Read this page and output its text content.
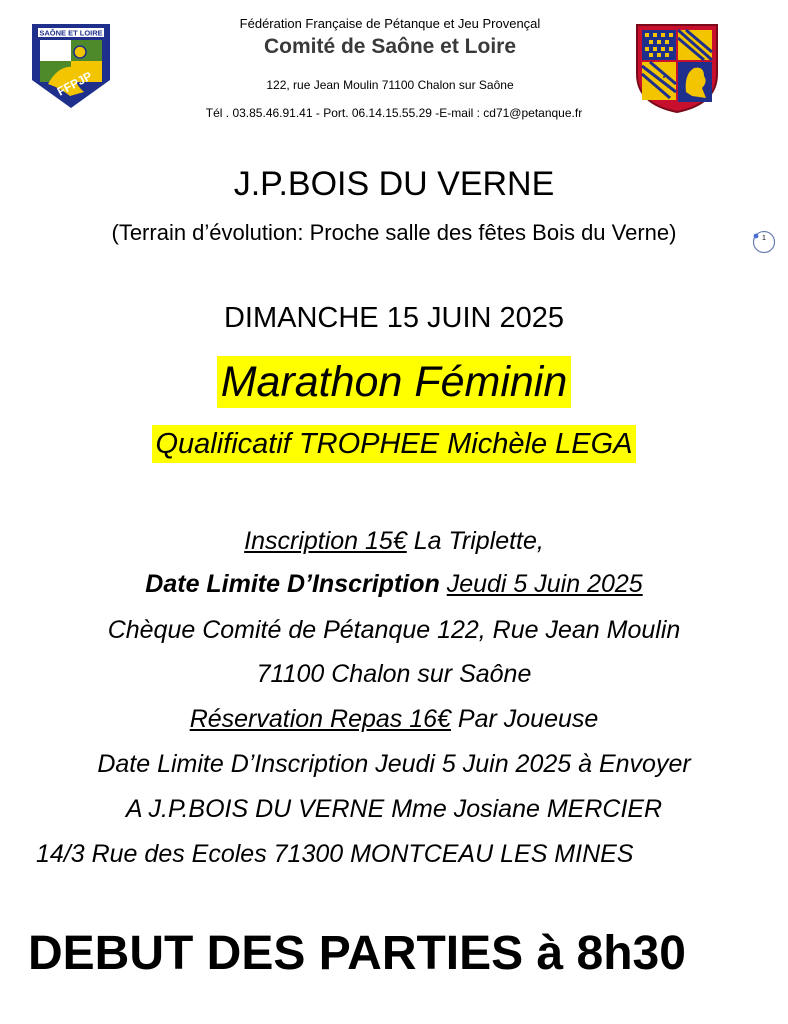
Fédération Française de Pétanque et Jeu Provençal
Comité de Saône et Loire
122, rue Jean Moulin 71100 Chalon sur Saône
Tél . 03.85.46.91.41 - Port. 06.14.15.55.29 -E-mail : cd71@petanque.fr
SAÔNE ET LOIRE
FFPJP
J.P.BOIS DU VERNE
(Terrain d’évolution: Proche salle des fêtes Bois du Verne)	1
DIMANCHE 15 JUIN 2025
Marathon Féminin
Qualificatif TROPHEE Michèle LEGA
Inscription 15€ La Triplette,
Date Limite D’Inscription Jeudi 5 Juin 2025
Chèque Comité de Pétanque 122, Rue Jean Moulin
71100 Chalon sur Saône
Réservation Repas 16€ Par Joueuse
Date Limite D’Inscription Jeudi 5 Juin 2025 à Envoyer
A J.P.BOIS DU VERNE Mme Josiane MERCIER
14/3 Rue des Ecoles 71300 MONTCEAU LES MINES
DEBUT DES PARTIES à 8h30
